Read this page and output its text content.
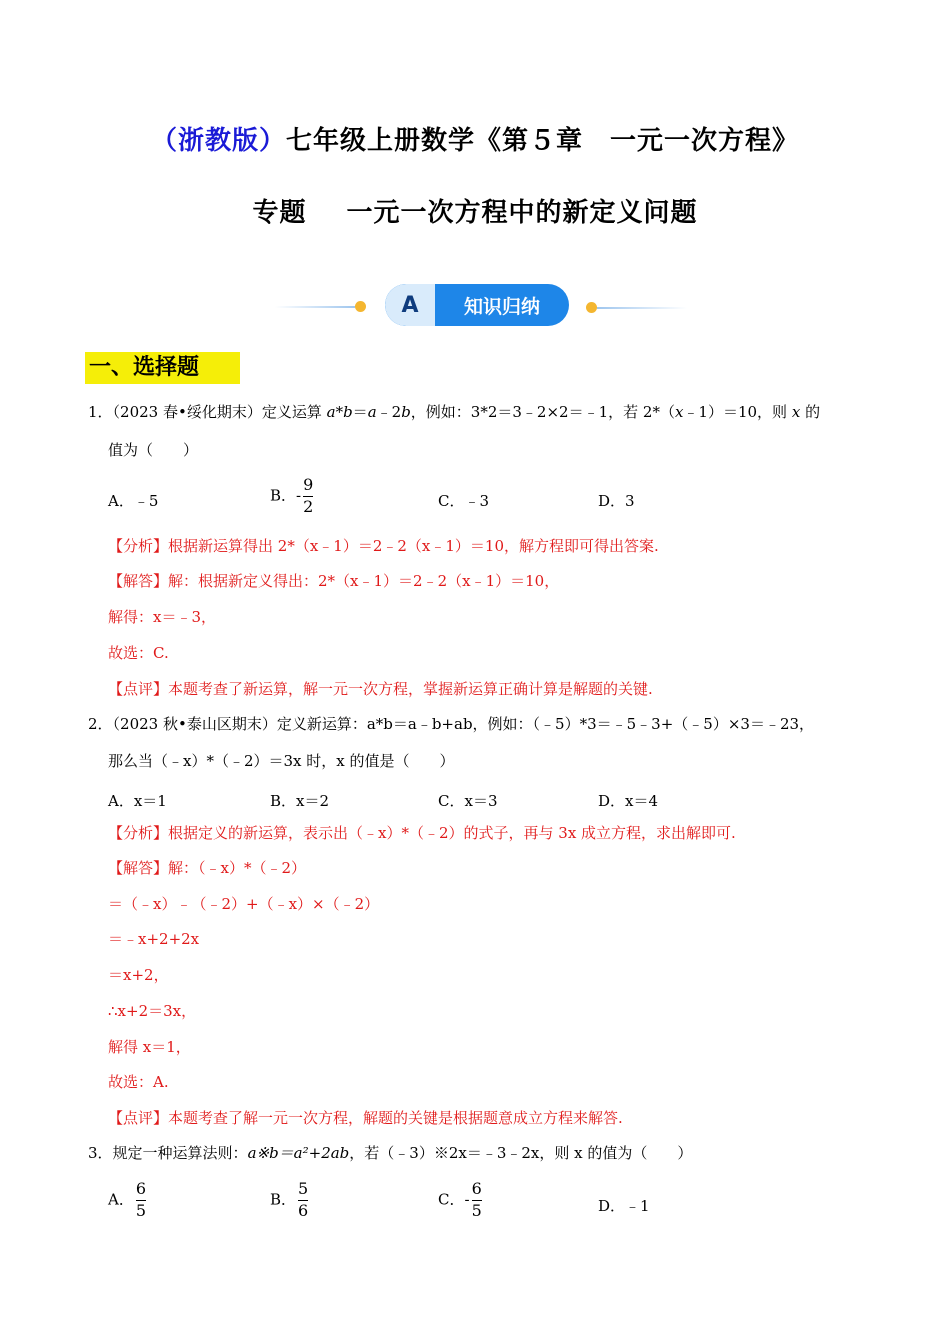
（浙教版）七年级上册数学《第５章　一元一次方程》
专题 一元一次方程中的新定义问题
A	知识归纳
一、选择题
1．（2023 春•绥化期末）定义运算 a*b＝a﹣2b，例如：3*2＝3﹣2×2＝﹣1，若 2*（x﹣1）＝10，则 x 的
值为（　　）
A．﹣5	B．- $\frac{9}{2}$	C．﹣3	D．3
【分析】根据新运算得出 2*（x﹣1）＝2﹣2（x﹣1）＝10，解方程即可得出答案.
【解答】解：根据新定义得出：2*（x﹣1）＝2﹣2（x﹣1）＝10，
解得：x＝﹣3，
故选：C.
【点评】本题考查了新运算，解一元一次方程，掌握新运算正确计算是解题的关键.
2．（2023 秋•泰山区期末）定义新运算：a*b＝a﹣b+ab，例如：（﹣5）*3＝﹣5﹣3+（﹣5）×3＝﹣23，
那么当（﹣x）*（﹣2）＝3x 时，x 的值是（　　）
A．x＝1	B．x＝2	C．x＝3	D．x＝4
【分析】根据定义的新运算，表示出（﹣x）*（﹣2）的式子，再与 3x 成立方程，求出解即可.
【解答】解：（﹣x）*（﹣2）
＝（﹣x）﹣（﹣2）+（﹣x）×（﹣2）
＝﹣x+2+2x
＝x+2，
∴x+2＝3x，
解得 x＝1，
故选：A.
【点评】本题考查了解一元一次方程，解题的关键是根据题意成立方程来解答.
3．规定一种运算法则：a※b＝a²+2ab，若（﹣3）※2x＝﹣3﹣2x，则 x 的值为（　　）
A． $\frac{6}{5}$	B． $\frac{5}{6}$	C．- $\frac{6}{5}$	D．﹣1
